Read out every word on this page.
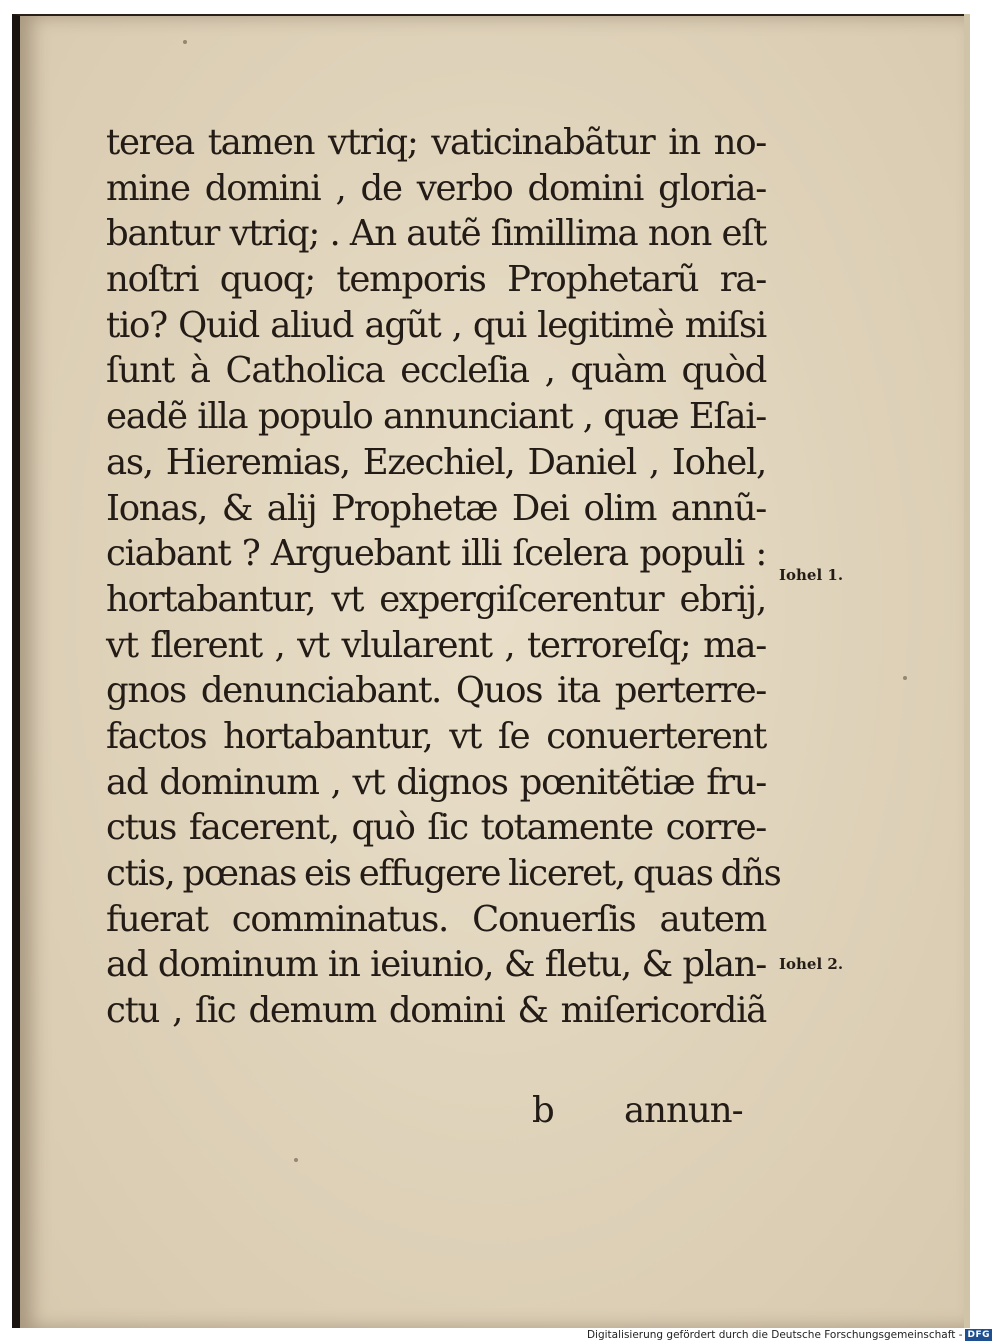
terea tamen vtriq; vaticinabãtur in no-
mine domini , de verbo domini gloria-
bantur vtriq; . An autẽ ſimillima non eſt
noſtri quoq; temporis Prophetarũ ra-
tio? Quid aliud agũt , qui legitimè miſsi
ſunt à Catholica eccleſia , quàm quòd
eadẽ illa populo annunciant , quæ Eſai-
as, Hieremias, Ezechiel, Daniel , Iohel,
Ionas, & alij Prophetæ Dei olim annũ-
ciabant ? Arguebant illi ſcelera populi :
hortabantur, vt expergiſcerentur ebrij,
vt flerent , vt vlularent , terroreſq; ma-
gnos denunciabant. Quos ita perterre-
factos hortabantur, vt ſe conuerterent
ad dominum , vt dignos pœnitẽtiæ fru-
ctus facerent, quò ſic totamente corre-
ctis, pœnas eis effugere liceret, quas dñs
fuerat comminatus. Conuerſis autem
ad dominum in ieiunio, & fletu, & plan-
ctu , ſic demum domini & miſericordiã
Iohel 1.
Iohel 2.
b annun-
Digitalisierung gefördert durch die Deutsche Forschungsgemeinschaft - DFG
